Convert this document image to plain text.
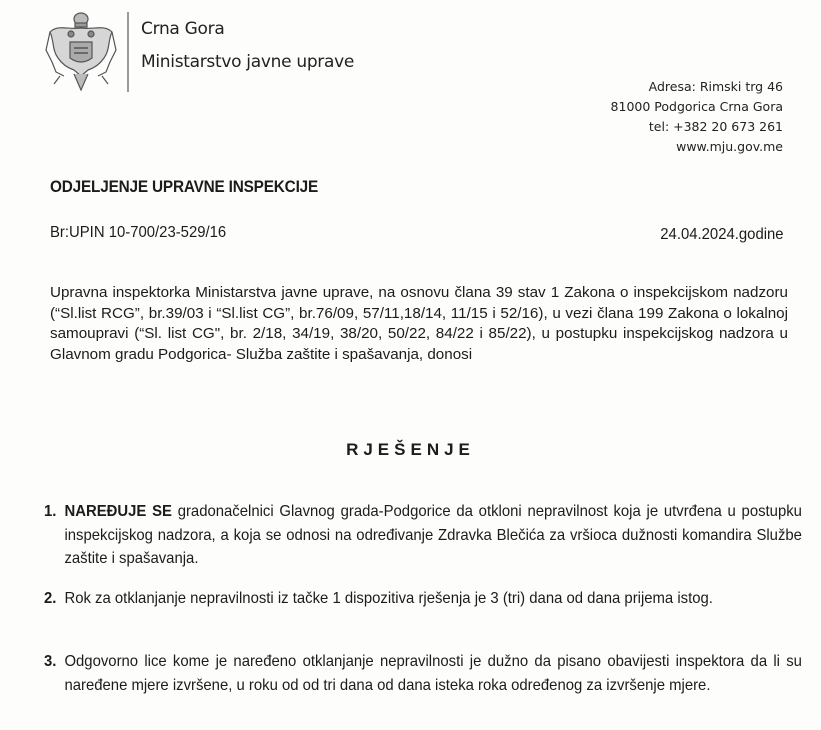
Crna Gora
Ministarstvo javne uprave
Adresa: Rimski trg 46
81000 Podgorica Crna Gora
tel: +382 20 673 261
www.mju.gov.me
ODJELJENJE UPRAVNE INSPEKCIJE
Br:UPIN 10-700/23-529/16	24.04.2024.godine
Upravna inspektorka Ministarstva javne uprave, na osnovu člana 39 stav 1 Zakona o inspekcijskom nadzoru (“Sl.list RCG”, br.39/03 i “Sl.list CG”, br.76/09, 57/11,18/14, 11/15 i 52/16), u vezi člana 199 Zakona o lokalnoj samoupravi (“Sl. list CG", br. 2/18, 34/19, 38/20, 50/22, 84/22 i 85/22), u postupku inspekcijskog nadzora u Glavnom gradu Podgorica- Služba zaštite i spašavanja, donosi
RJEŠENJE
1. NAREĐUJE SE gradonačelnici Glavnog grada-Podgorice da otkloni nepravilnost koja je utvrđena u postupku inspekcijskog nadzora, a koja se odnosi na određivanje Zdravka Blečića za vršioca dužnosti komandira Službe zaštite i spašavanja.
2. Rok za otklanjanje nepravilnosti iz tačke 1 dispozitiva rješenja je 3 (tri) dana od dana prijema istog.
3. Odgovorno lice kome je naređeno otklanjanje nepravilnosti je dužno da pisano obavijesti inspektora da li su naređene mjere izvršene, u roku od od tri dana od dana isteka roka određenog za izvršenje mjere.
